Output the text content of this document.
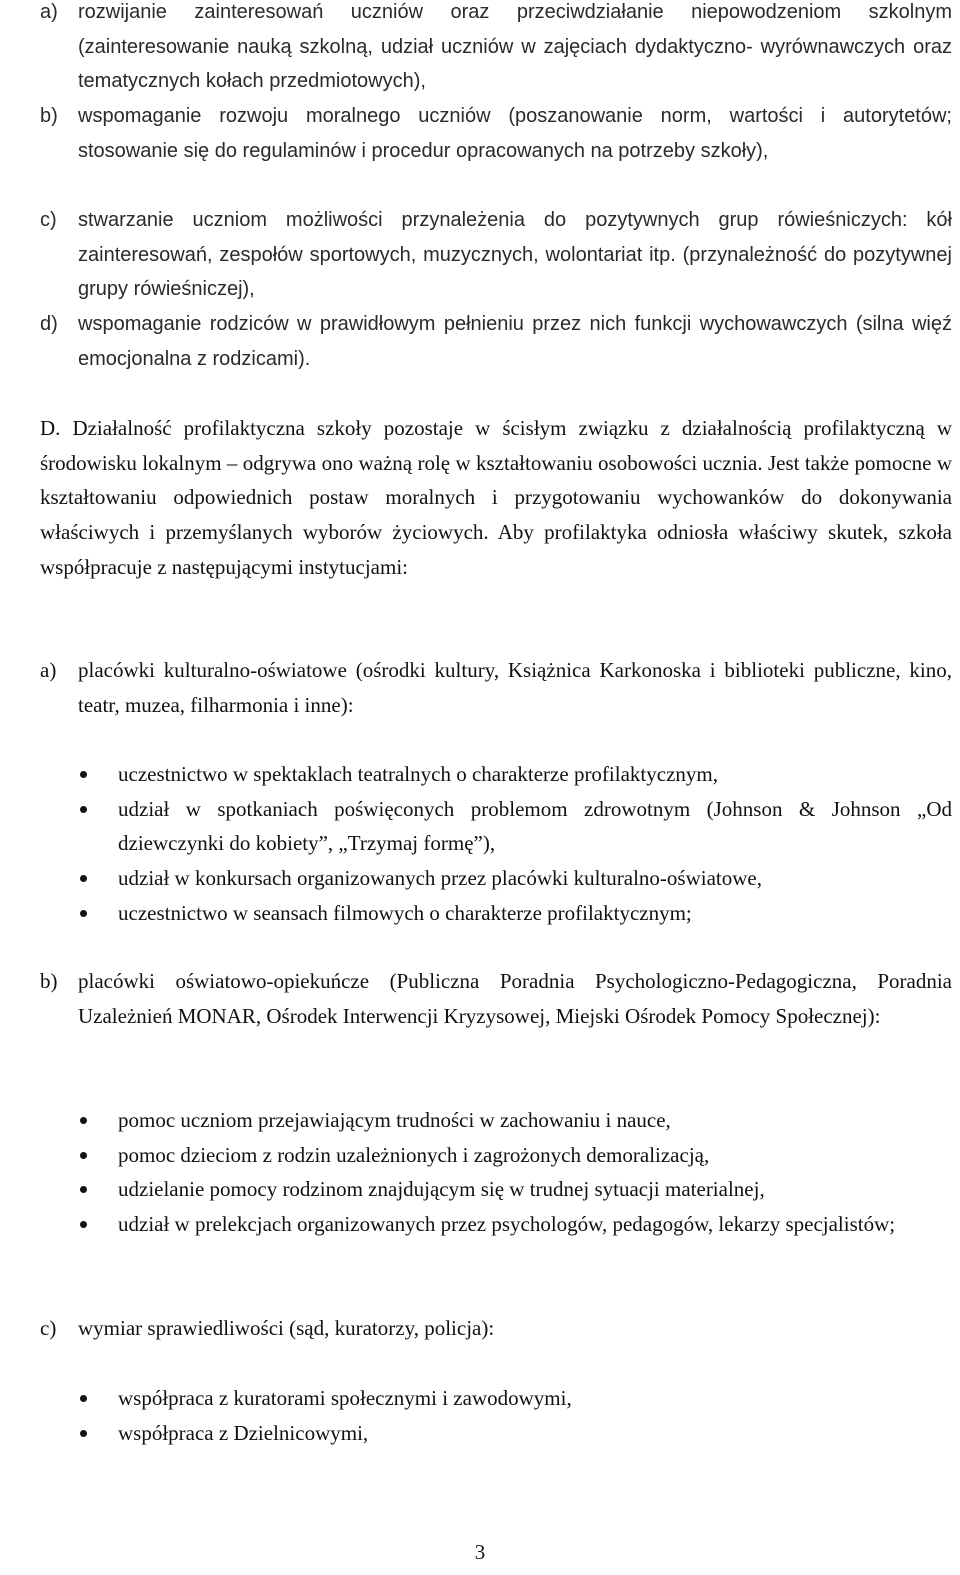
a) rozwijanie zainteresowań uczniów oraz przeciwdziałanie niepowodzeniom szkolnym (zainteresowanie nauką szkolną, udział uczniów w zajęciach dydaktyczno- wyrównawczych oraz tematycznych kołach przedmiotowych),
b) wspomaganie rozwoju moralnego uczniów (poszanowanie norm, wartości i autorytetów; stosowanie się do regulaminów i procedur opracowanych na potrzeby szkoły),
c) stwarzanie uczniom możliwości przynależenia do pozytywnych grup rówieśniczych: kół zainteresowań, zespołów sportowych, muzycznych, wolontariat itp. (przynależność do pozytywnej grupy rówieśniczej),
d) wspomaganie rodziców w prawidłowym pełnieniu przez nich funkcji wychowawczych (silna więź emocjonalna z rodzicami).
D. Działalność profilaktyczna szkoły pozostaje w ścisłym związku z działalnością profilaktyczną w środowisku lokalnym – odgrywa ono ważną rolę w kształtowaniu osobowości ucznia. Jest także pomocne w kształtowaniu odpowiednich postaw moralnych i przygotowaniu wychowanków do dokonywania właściwych i przemyślanych wyborów życiowych. Aby profilaktyka odniosła właściwy skutek, szkoła współpracuje z następującymi instytucjami:
a) placówki kulturalno-oświatowe (ośrodki kultury, Książnica Karkonoska i biblioteki publiczne, kino, teatr, muzea, filharmonia i inne):
uczestnictwo w spektaklach teatralnych o charakterze profilaktycznym,
udział w spotkaniach poświęconych problemom zdrowotnym (Johnson & Johnson „Od dziewczynki do kobiety”, „Trzymaj formę”),
udział w konkursach organizowanych przez placówki kulturalno-oświatowe,
uczestnictwo w seansach filmowych o charakterze profilaktycznym;
b) placówki oświatowo-opiekuńcze (Publiczna Poradnia Psychologiczno-Pedagogiczna, Poradnia Uzależnień MONAR, Ośrodek Interwencji Kryzysowej, Miejski Ośrodek Pomocy Społecznej):
pomoc uczniom przejawiającym trudności w zachowaniu i nauce,
pomoc dzieciom z rodzin uzależnionych i zagrożonych demoralizacją,
udzielanie pomocy rodzinom znajdującym się w trudnej sytuacji materialnej,
udział w prelekcjach organizowanych przez psychologów, pedagogów, lekarzy specjalistów;
c) wymiar sprawiedliwości (sąd, kuratorzy, policja):
współpraca z kuratorami społecznymi i zawodowymi,
współpraca z Dzielnicowymi,
3
